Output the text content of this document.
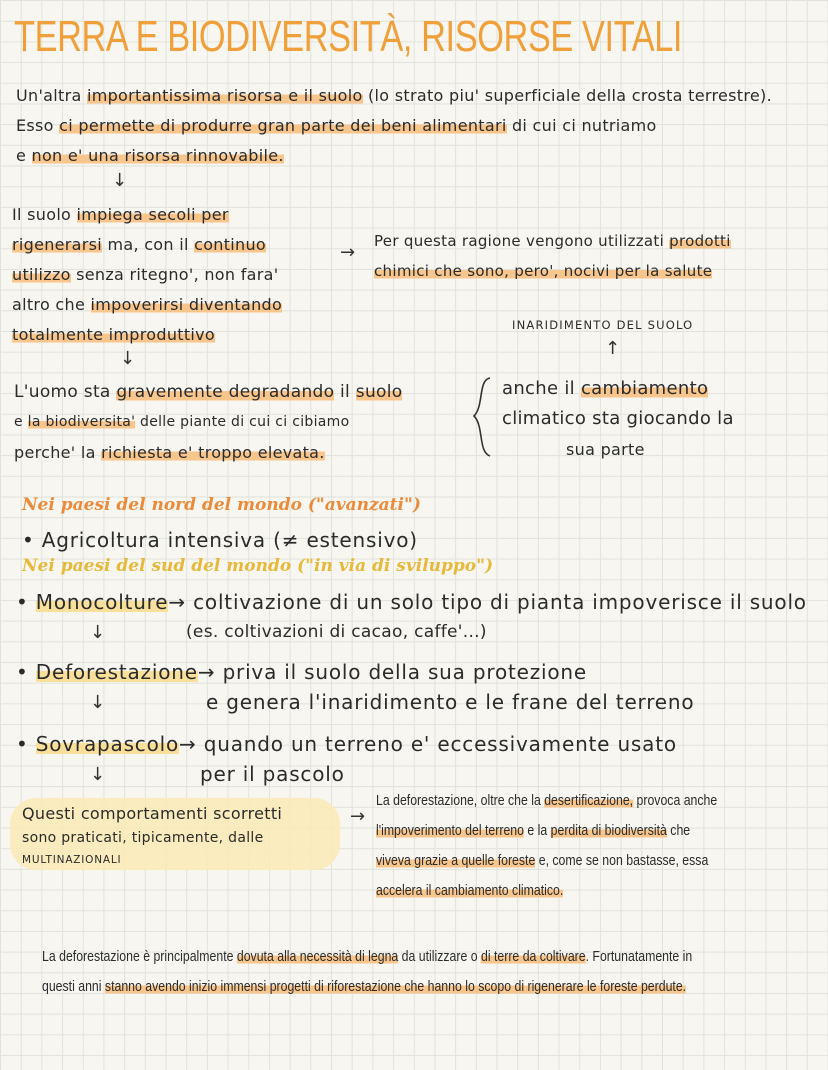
TERRA E BIODIVERSITÀ, RISORSE VITALI
Un'altra importantissima risorsa e il suolo (lo strato piu' superficiale della crosta terrestre).
Esso ci permette di produrre gran parte dei beni alimentari di cui ci nutriamo
e non e' una risorsa rinnovabile.
↓
Il suolo impiega secoli per
rigenerarsi ma, con il continuo
utilizzo senza ritegno', non fara'
altro che impoverirsi diventando
totalmente improduttivo
→
Per questa ragione vengono utilizzati prodotti
chimici che sono, pero', nocivi per la salute
INARIDIMENTO DEL SUOLO
↑
↓
L'uomo sta gravemente degradando il suolo
e la biodiversita' delle piante di cui ci cibiamo
perche' la richiesta e' troppo elevata.
anche il cambiamento
climatico sta giocando la
sua parte
Nei paesi del nord del mondo ("avanzati")
• Agricoltura intensiva (≠ estensivo)
Nei paesi del sud del mondo ("in via di sviluppo")
• Monocolture→ coltivazione di un solo tipo di pianta impoverisce il suolo
(es. coltivazioni di cacao, caffe'...)
↓
• Deforestazione→ priva il suolo della sua protezione
e genera l'inaridimento e le frane del terreno
↓
• Sovrapascolo→ quando un terreno e' eccessivamente usato
per il pascolo
↓
Questi comportamenti scorretti
sono praticati, tipicamente, dalle
MULTINAZIONALI
→
La deforestazione, oltre che la desertificazione, provoca anche
l'impoverimento del terreno e la perdita di biodiversità che
viveva grazie a quelle foreste e, come se non bastasse, essa
accelera il cambiamento climatico.
La deforestazione è principalmente dovuta alla necessità di legna da utilizzare o di terre da coltivare. Fortunatamente in
questi anni stanno avendo inizio immensi progetti di riforestazione che hanno lo scopo di rigenerare le foreste perdute.
